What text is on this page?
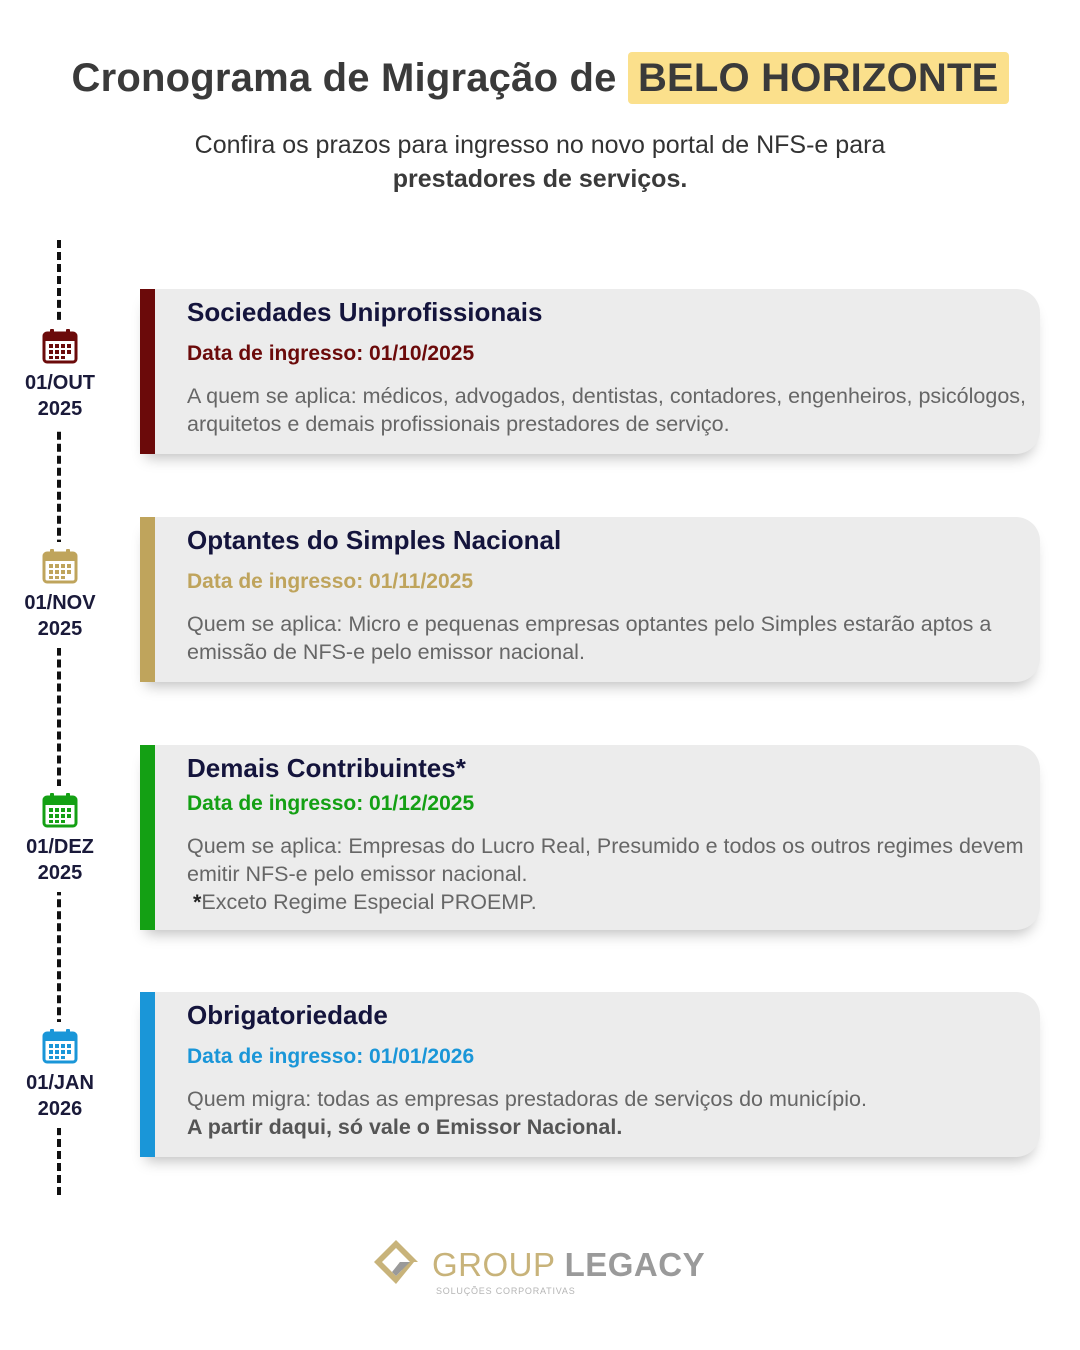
Cronograma de Migração de BELO HORIZONTE
Confira os prazos para ingresso no novo portal de NFS-e para
prestadores de serviços.
01/OUT
2025
01/NOV
2025
01/DEZ
2025
01/JAN
2026
Sociedades Uniprofissionais
Data de ingresso: 01/10/2025

A quem se aplica: médicos, advogados, dentistas, contadores, engenheiros, psicólogos, arquitetos e demais profissionais prestadores de serviço.

Optantes do Simples Nacional
Data de ingresso: 01/11/2025

Quem se aplica: Micro e pequenas empresas optantes pelo Simples estarão aptos a emissão de NFS-e pelo emissor nacional.

Demais Contribuintes*
Data de ingresso: 01/12/2025

Quem se aplica: Empresas do Lucro Real, Presumido e todos os outros regimes devem emitir NFS-e pelo emissor nacional.

*Exceto Regime Especial PROEMP.

Obrigatoriedade
Data de ingresso: 01/01/2026

Quem migra: todas as empresas prestadoras de serviços do município.
A partir daqui, só vale o Emissor Nacional.

GROUP LEGACY
SOLUÇÕES CORPORATIVAS
